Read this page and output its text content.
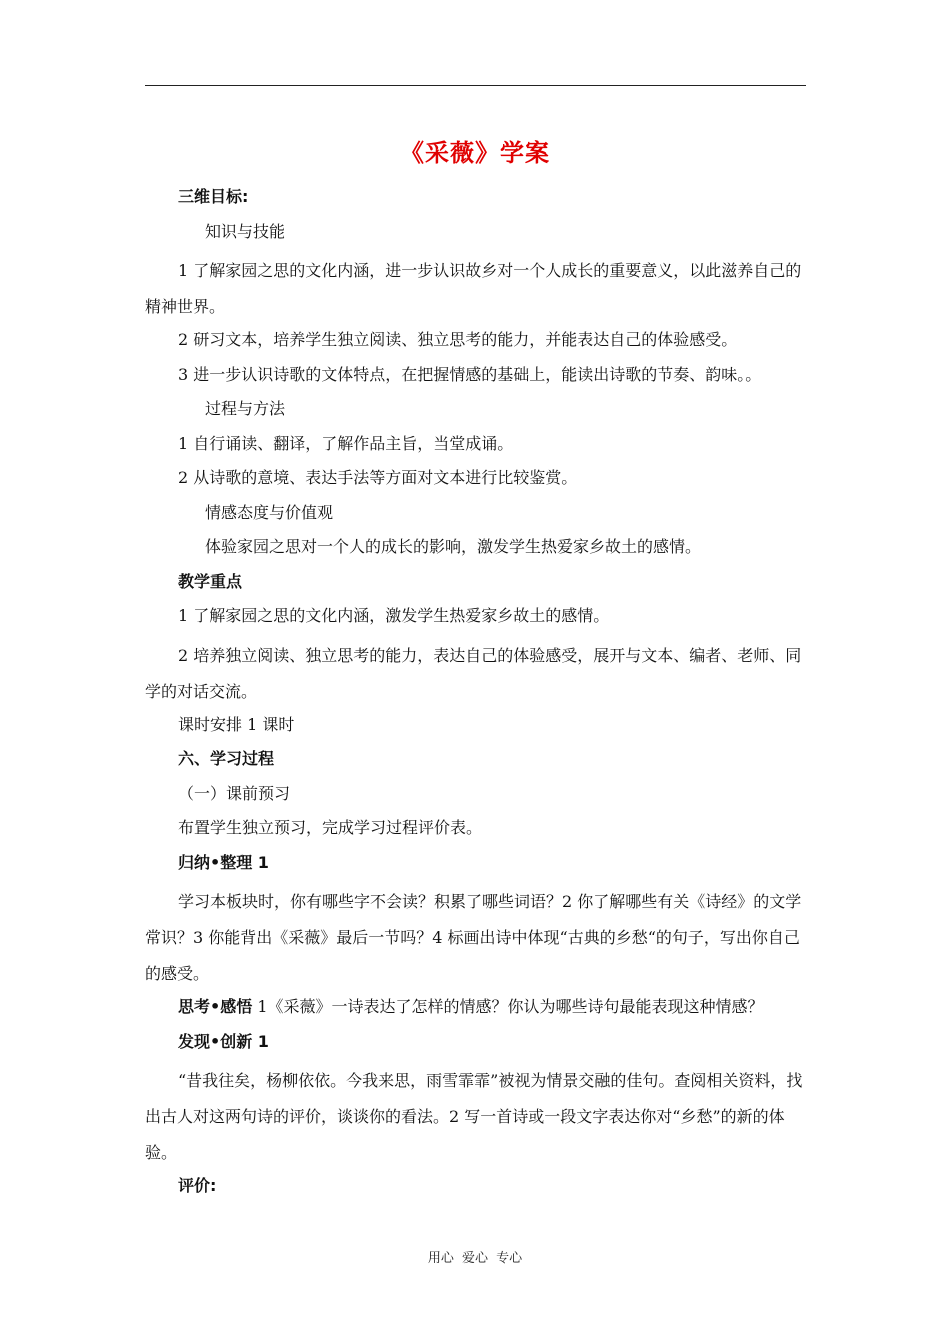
《采薇》学案

三维目标:

知识与技能

1 了解家园之思的文化内涵，进一步认识故乡对一个人成长的重要意义，以此滋养自己的精神世界。

2 研习文本，培养学生独立阅读、独立思考的能力，并能表达自己的体验感受。

3 进一步认识诗歌的文体特点，在把握情感的基础上，能读出诗歌的节奏、韵味。。

过程与方法

1 自行诵读、翻译，了解作品主旨，当堂成诵。

2 从诗歌的意境、表达手法等方面对文本进行比较鉴赏。

情感态度与价值观

体验家园之思对一个人的成长的影响，激发学生热爱家乡故土的感情。

教学重点

1 了解家园之思的文化内涵，激发学生热爱家乡故土的感情。

2 培养独立阅读、独立思考的能力，表达自己的体验感受，展开与文本、编者、老师、同学的对话交流。

课时安排 1 课时

六、学习过程

（一）课前预习

布置学生独立预习，完成学习过程评价表。

归纳•整理 1

学习本板块时，你有哪些字不会读？积累了哪些词语？2 你了解哪些有关《诗经》的文学常识？3 你能背出《采薇》最后一节吗？4 标画出诗中体现“古典的乡愁“的句子，写出你自己的感受。

思考•感悟 1《采薇》一诗表达了怎样的情感？你认为哪些诗句最能表现这种情感？

发现•创新 1

“昔我往矣，杨柳依依。今我来思，雨雪霏霏”被视为情景交融的佳句。查阅相关资料，找出古人对这两句诗的评价，谈谈你的看法。2 写一首诗或一段文字表达你对“乡愁”的新的体验。

评价:

用心 爱心 专心
